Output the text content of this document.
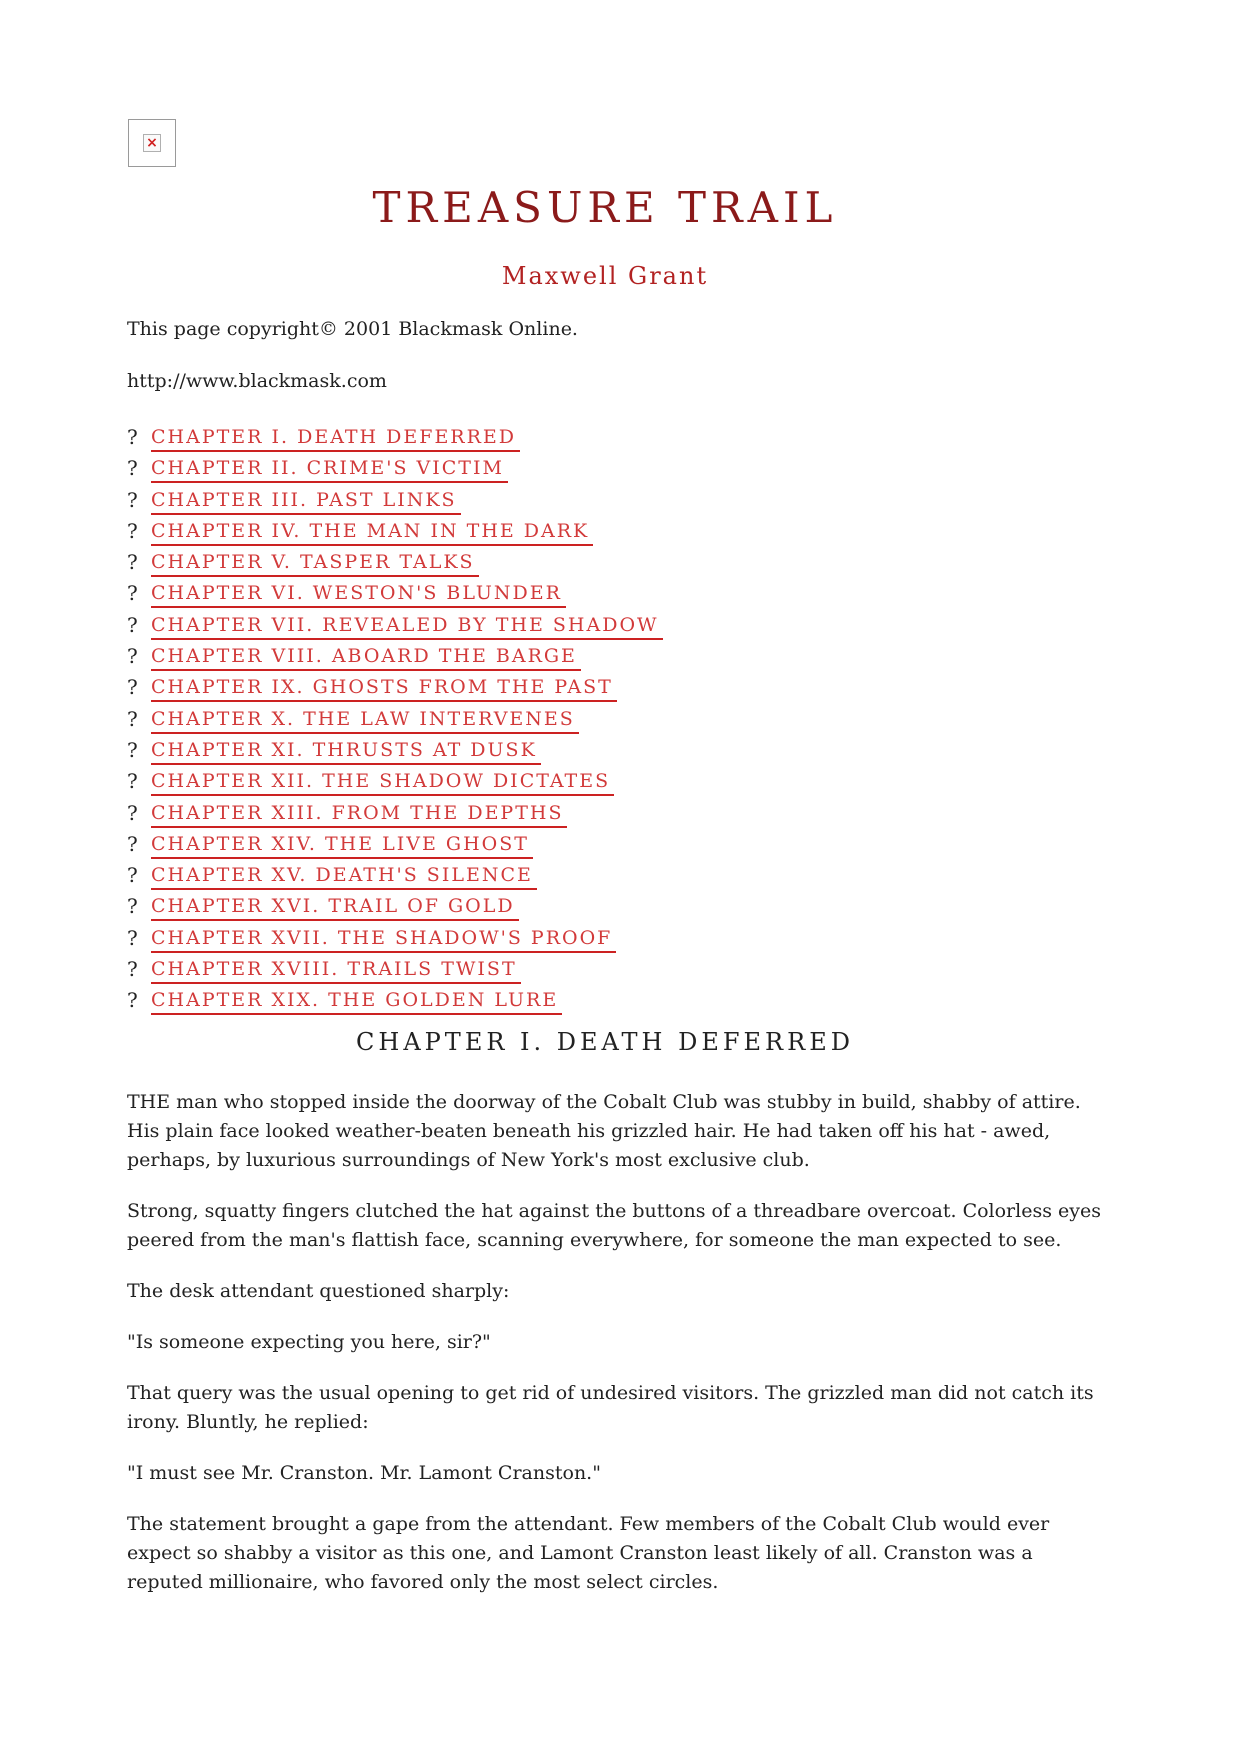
×
TREASURE TRAIL

Maxwell Grant

This page copyright© 2001 Blackmask Online.

http://www.blackmask.com

? CHAPTER I. DEATH DEFERRED
? CHAPTER II. CRIME'S VICTIM
? CHAPTER III. PAST LINKS
? CHAPTER IV. THE MAN IN THE DARK
? CHAPTER V. TASPER TALKS
? CHAPTER VI. WESTON'S BLUNDER
? CHAPTER VII. REVEALED BY THE SHADOW
? CHAPTER VIII. ABOARD THE BARGE
? CHAPTER IX. GHOSTS FROM THE PAST
? CHAPTER X. THE LAW INTERVENES
? CHAPTER XI. THRUSTS AT DUSK
? CHAPTER XII. THE SHADOW DICTATES
? CHAPTER XIII. FROM THE DEPTHS
? CHAPTER XIV. THE LIVE GHOST
? CHAPTER XV. DEATH'S SILENCE
? CHAPTER XVI. TRAIL OF GOLD
? CHAPTER XVII. THE SHADOW'S PROOF
? CHAPTER XVIII. TRAILS TWIST
? CHAPTER XIX. THE GOLDEN LURE
CHAPTER I. DEATH DEFERRED

THE man who stopped inside the doorway of the Cobalt Club was stubby in build, shabby of attire. His plain face looked weather-beaten beneath his grizzled hair. He had taken off his hat - awed, perhaps, by luxurious surroundings of New York's most exclusive club.

Strong, squatty fingers clutched the hat against the buttons of a threadbare overcoat. Colorless eyes peered from the man's flattish face, scanning everywhere, for someone the man expected to see.

The desk attendant questioned sharply:

"Is someone expecting you here, sir?"

That query was the usual opening to get rid of undesired visitors. The grizzled man did not catch its irony. Bluntly, he replied:

"I must see Mr. Cranston. Mr. Lamont Cranston."

The statement brought a gape from the attendant. Few members of the Cobalt Club would ever expect so shabby a visitor as this one, and Lamont Cranston least likely of all. Cranston was a reputed millionaire, who favored only the most select circles.
